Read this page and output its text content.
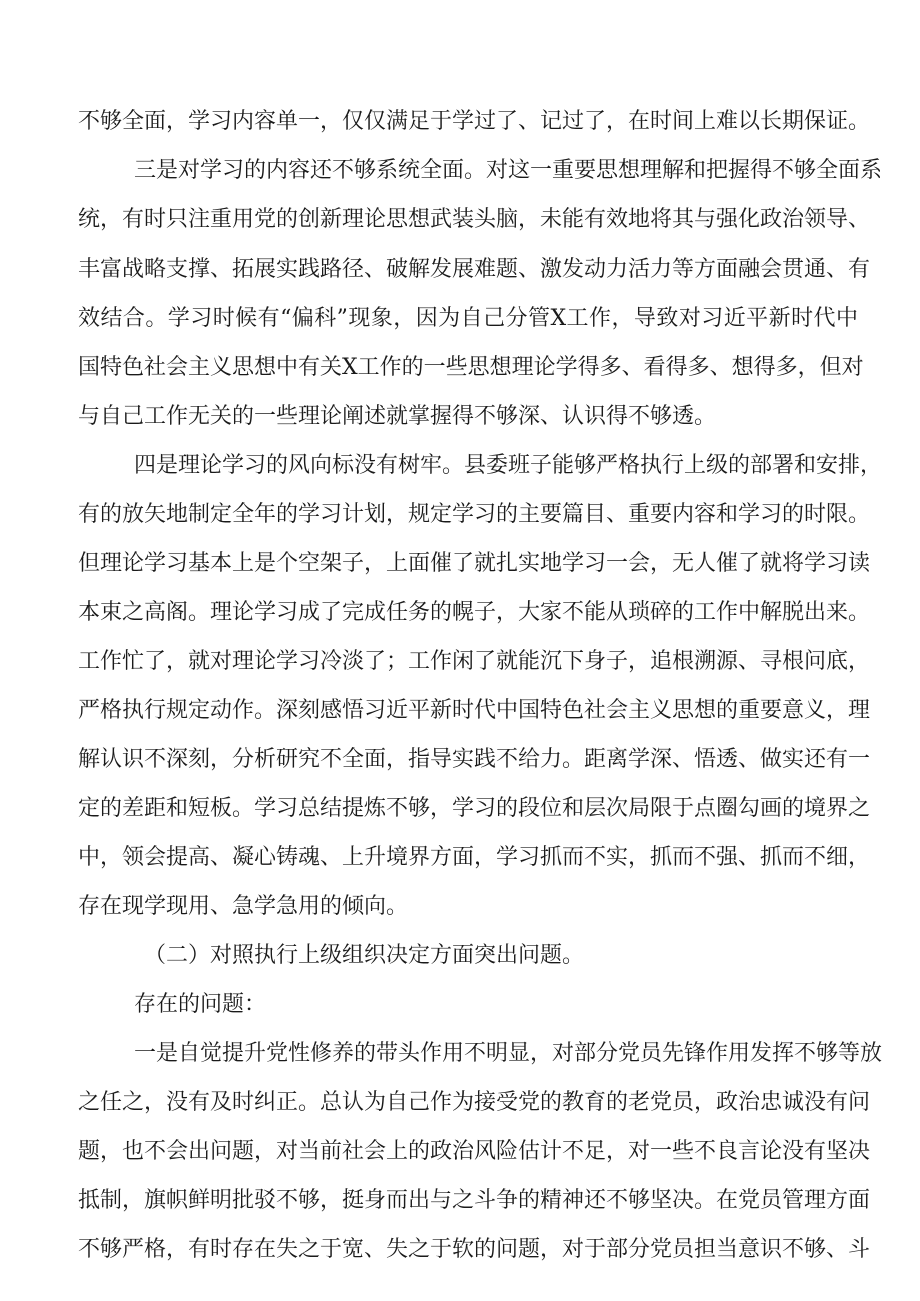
不够全面，学习内容单一，仅仅满足于学过了、记过了，在时间上难以长期保证。
三是对学习的内容还不够系统全面。对这一重要思想理解和把握得不够全面系
统，有时只注重用党的创新理论思想武装头脑，未能有效地将其与强化政治领导、
丰富战略支撑、拓展实践路径、破解发展难题、激发动力活力等方面融会贯通、有
效结合。学习时候有“偏科”现象，因为自己分管X工作，导致对习近平新时代中
国特色社会主义思想中有关X工作的一些思想理论学得多、看得多、想得多，但对
与自己工作无关的一些理论阐述就掌握得不够深、认识得不够透。
四是理论学习的风向标没有树牢。县委班子能够严格执行上级的部署和安排，
有的放矢地制定全年的学习计划，规定学习的主要篇目、重要内容和学习的时限。
但理论学习基本上是个空架子，上面催了就扎实地学习一会，无人催了就将学习读
本束之高阁。理论学习成了完成任务的幌子，大家不能从琐碎的工作中解脱出来。
工作忙了，就对理论学习冷淡了；工作闲了就能沉下身子，追根溯源、寻根问底，
严格执行规定动作。深刻感悟习近平新时代中国特色社会主义思想的重要意义，理
解认识不深刻，分析研究不全面，指导实践不给力。距离学深、悟透、做实还有一
定的差距和短板。学习总结提炼不够，学习的段位和层次局限于点圈勾画的境界之
中，领会提高、凝心铸魂、上升境界方面，学习抓而不实，抓而不强、抓而不细，
存在现学现用、急学急用的倾向。
（二）对照执行上级组织决定方面突出问题。
存在的问题：
一是自觉提升党性修养的带头作用不明显，对部分党员先锋作用发挥不够等放
之任之，没有及时纠正。总认为自己作为接受党的教育的老党员，政治忠诚没有问
题，也不会出问题，对当前社会上的政治风险估计不足，对一些不良言论没有坚决
抵制，旗帜鲜明批驳不够，挺身而出与之斗争的精神还不够坚决。在党员管理方面
不够严格，有时存在失之于宽、失之于软的问题，对于部分党员担当意识不够、斗
